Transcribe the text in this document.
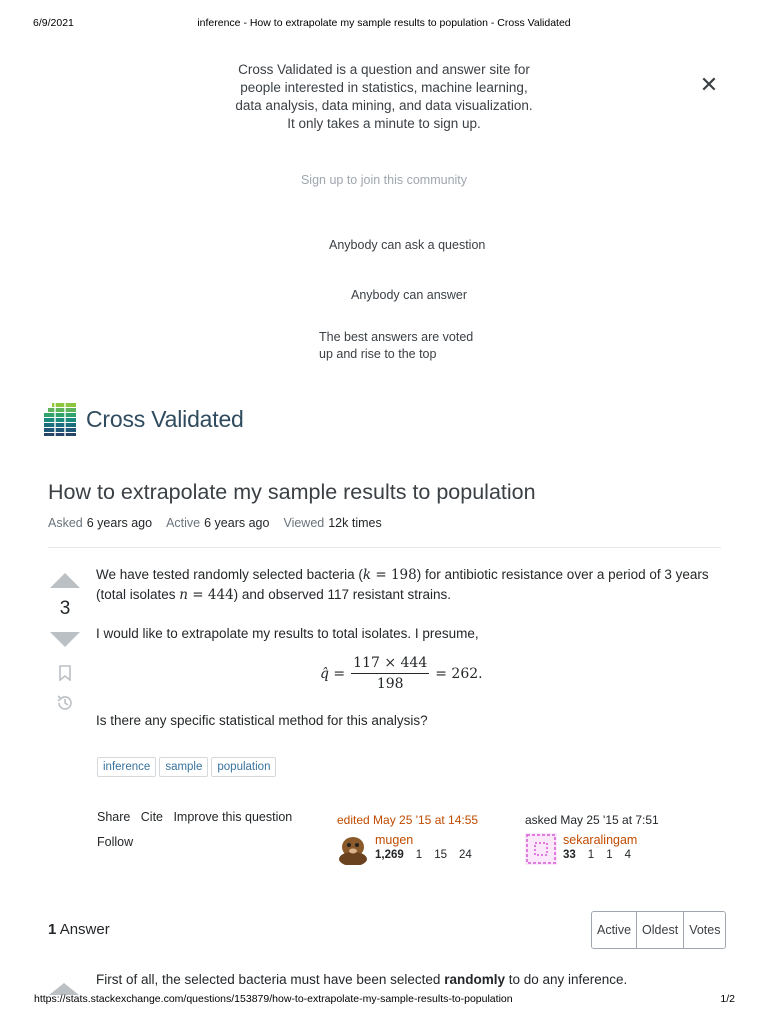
6/9/2021	inference - How to extrapolate my sample results to population - Cross Validated
Cross Validated is a question and answer site for people interested in statistics, machine learning, data analysis, data mining, and data visualization. It only takes a minute to sign up.
✕
Sign up to join this community
Anybody can ask a question
Anybody can answer
The best answers are voted up and rise to the top
Cross Validated
How to extrapolate my sample results to population
Asked 6 years ago Active 6 years ago Viewed 12k times
3
We have tested randomly selected bacteria (k = 198) for antibiotic resistance over a period of 3 years (total isolates n = 444) and observed 117 resistant strains.
I would like to extrapolate my results to total isolates. I presume,
q̂ = $\frac{117 \times 444}{198} = 262$.
Is there any specific statistical method for this analysis?
inference	sample	population
Share Cite Improve this question
Follow
edited May 25 '15 at 14:55
mugen
1,269 1 15 24
asked May 25 '15 at 7:51
sekaralingam
33 1 1 4
1 Answer	Active Oldest Votes
First of all, the selected bacteria must have been selected randomly to do any inference.
https://stats.stackexchange.com/questions/153879/how-to-extrapolate-my-sample-results-to-population	1/2
